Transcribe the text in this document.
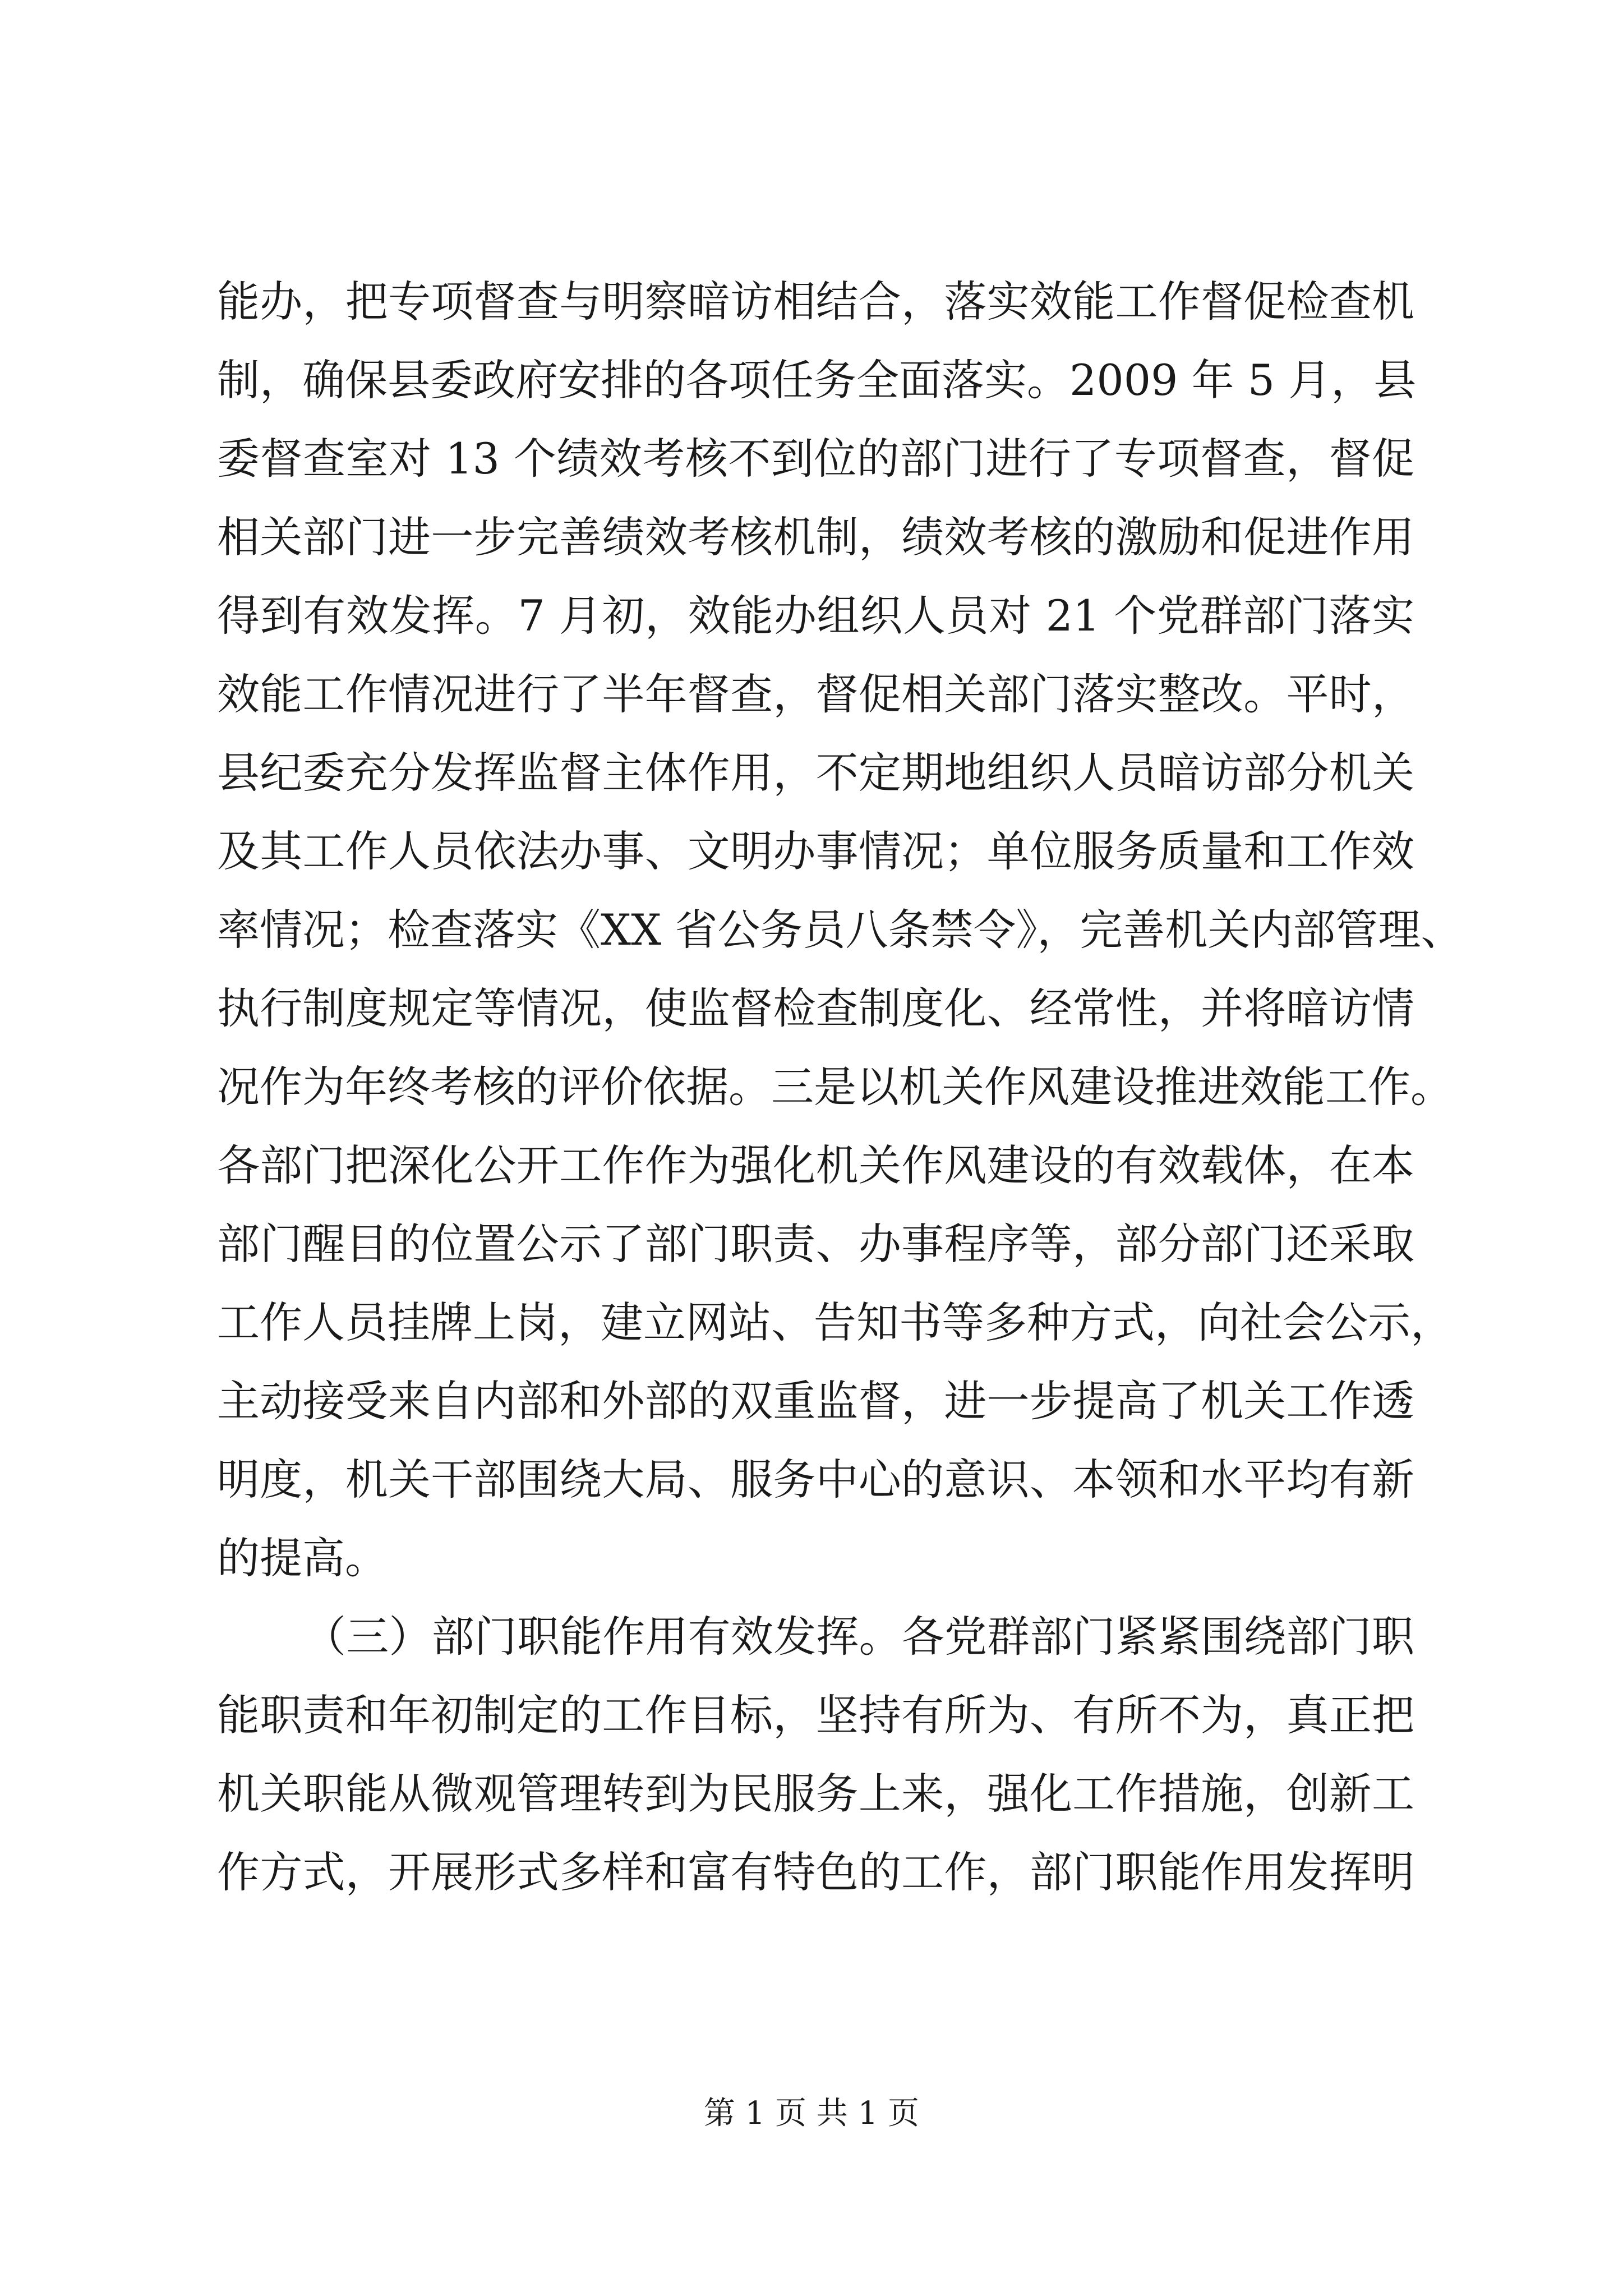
能办，把专项督查与明察暗访相结合，落实效能工作督促检查机
制，确保县委政府安排的各项任务全面落实。2009 年 5 月，县
委督查室对 13 个绩效考核不到位的部门进行了专项督查，督促
相关部门进一步完善绩效考核机制，绩效考核的激励和促进作用
得到有效发挥。7 月初，效能办组织人员对 21 个党群部门落实
效能工作情况进行了半年督查，督促相关部门落实整改。平时，
县纪委充分发挥监督主体作用，不定期地组织人员暗访部分机关
及其工作人员依法办事、文明办事情况；单位服务质量和工作效
率情况；检查落实《XX 省公务员八条禁令》，完善机关内部管理、
执行制度规定等情况，使监督检查制度化、经常性，并将暗访情
况作为年终考核的评价依据。三是以机关作风建设推进效能工作。
各部门把深化公开工作作为强化机关作风建设的有效载体，在本
部门醒目的位置公示了部门职责、办事程序等，部分部门还采取
工作人员挂牌上岗，建立网站、告知书等多种方式，向社会公示，
主动接受来自内部和外部的双重监督，进一步提高了机关工作透
明度，机关干部围绕大局、服务中心的意识、本领和水平均有新
的提高。
（三）部门职能作用有效发挥。各党群部门紧紧围绕部门职
能职责和年初制定的工作目标，坚持有所为、有所不为，真正把
机关职能从微观管理转到为民服务上来，强化工作措施，创新工
作方式，开展形式多样和富有特色的工作，部门职能作用发挥明
第 1 页 共 1 页
